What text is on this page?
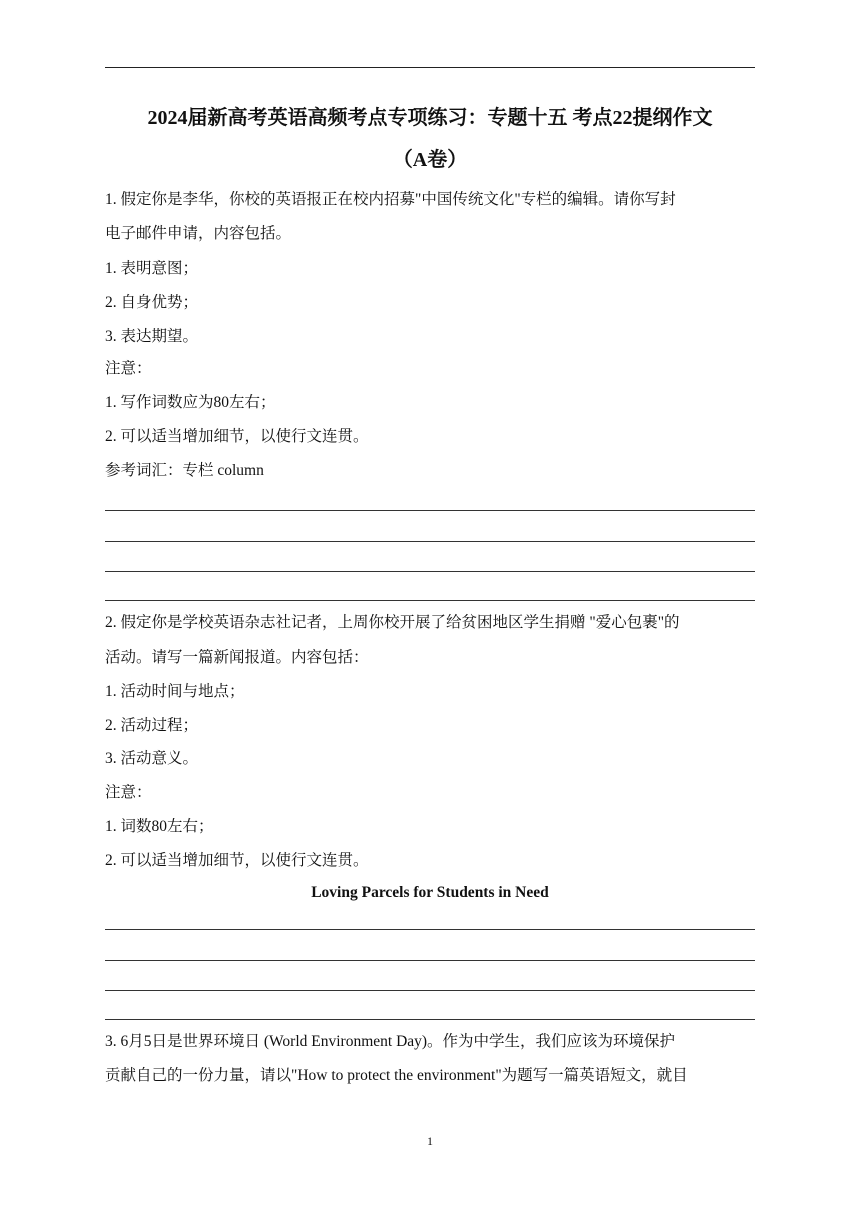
2024届新高考英语高频考点专项练习：专题十五 考点22提纲作文
（A卷）
1. 假定你是李华，你校的英语报正在校内招募"中国传统文化"专栏的编辑。请你写封
电子邮件申请，内容包括。
1. 表明意图；
2. 自身优势；
3. 表达期望。
注意：
1. 写作词数应为80左右；
2. 可以适当增加细节，以使行文连贯。
参考词汇：专栏 column
2. 假定你是学校英语杂志社记者，上周你校开展了给贫困地区学生捐赠 "爱心包裹"的
活动。请写一篇新闻报道。内容包括：
1. 活动时间与地点；
2. 活动过程；
3. 活动意义。
注意：
1. 词数80左右；
2. 可以适当增加细节，以使行文连贯。
Loving Parcels for Students in Need
3. 6月5日是世界环境日 (World Environment Day)。作为中学生，我们应该为环境保护
贡献自己的一份力量，请以"How to protect the environment"为题写一篇英语短文，就目
1
